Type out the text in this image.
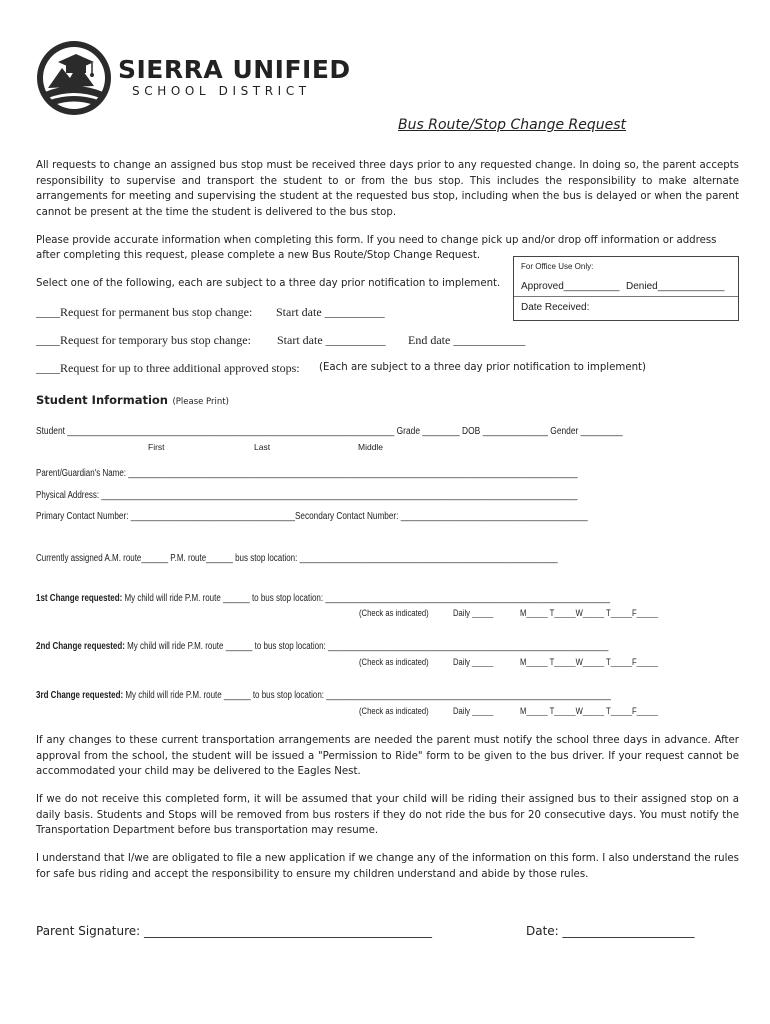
SIERRA UNIFIED
SCHOOL DISTRICT
Bus Route/Stop Change Request
All requests to change an assigned bus stop must be received three days prior to any requested change. In doing so, the parent accepts responsibility to supervise and transport the student to or from the bus stop. This includes the responsibility to make alternate arrangements for meeting and supervising the student at the requested bus stop, including when the bus is delayed or when the parent cannot be present at the time the student is delivered to the bus stop.
Please provide accurate information when completing this form. If you need to change pick up and/or drop off information or address
after completing this request, please complete a new Bus Route/Stop Change Request.
For Office Use Only:
Approved__________ Denied____________
Date Received:
Select one of the following, each are subject to a three day prior notification to implement.
____Request for permanent bus stop change: Start date __________
____Request for temporary bus stop change: Start date __________ End date ____________
____Request for up to three additional approved stops: (Each are subject to a three day prior notification to implement)
Student Information (Please Print)
Student ______________________________________________________________________ Grade ________ DOB ______________ Gender _________
First	Last	Middle
Parent/Guardian's Name: _____________________________________________________________________________________________________
Physical Address: ___________________________________________________________________________________________________________
Primary Contact Number: ____________________________________Secondary Contact Number: _________________________________________
Currently assigned A.M. route______ P.M. route______ bus stop location: __________________________________________________________
1st Change requested: My child will ride P.M. route ______ to bus stop location: ________________________________________________________________
(Check as indicated)	Daily _____	M_____ T_____W_____ T_____F_____
2nd Change requested: My child will ride P.M. route ______ to bus stop location: _______________________________________________________________
(Check as indicated)	Daily _____	M_____ T_____W_____ T_____F_____
3rd Change requested: My child will ride P.M. route ______ to bus stop location: ________________________________________________________________
(Check as indicated)	Daily _____	M_____ T_____W_____ T_____F_____
If any changes to these current transportation arrangements are needed the parent must notify the school three days in advance. After approval from the school, the student will be issued a "Permission to Ride" form to be given to the bus driver. If your request cannot be accommodated your child may be delivered to the Eagles Nest.
If we do not receive this completed form, it will be assumed that your child will be riding their assigned bus to their assigned stop on a daily basis. Students and Stops will be removed from bus rosters if they do not ride the bus for 20 consecutive days. You must notify the Transportation Department before bus transportation may resume.
I understand that I/we are obligated to file a new application if we change any of the information on this form. I also understand the rules for safe bus riding and accept the responsibility to ensure my children understand and abide by those rules.
Parent Signature: ________________________________________________	Date: ______________________
